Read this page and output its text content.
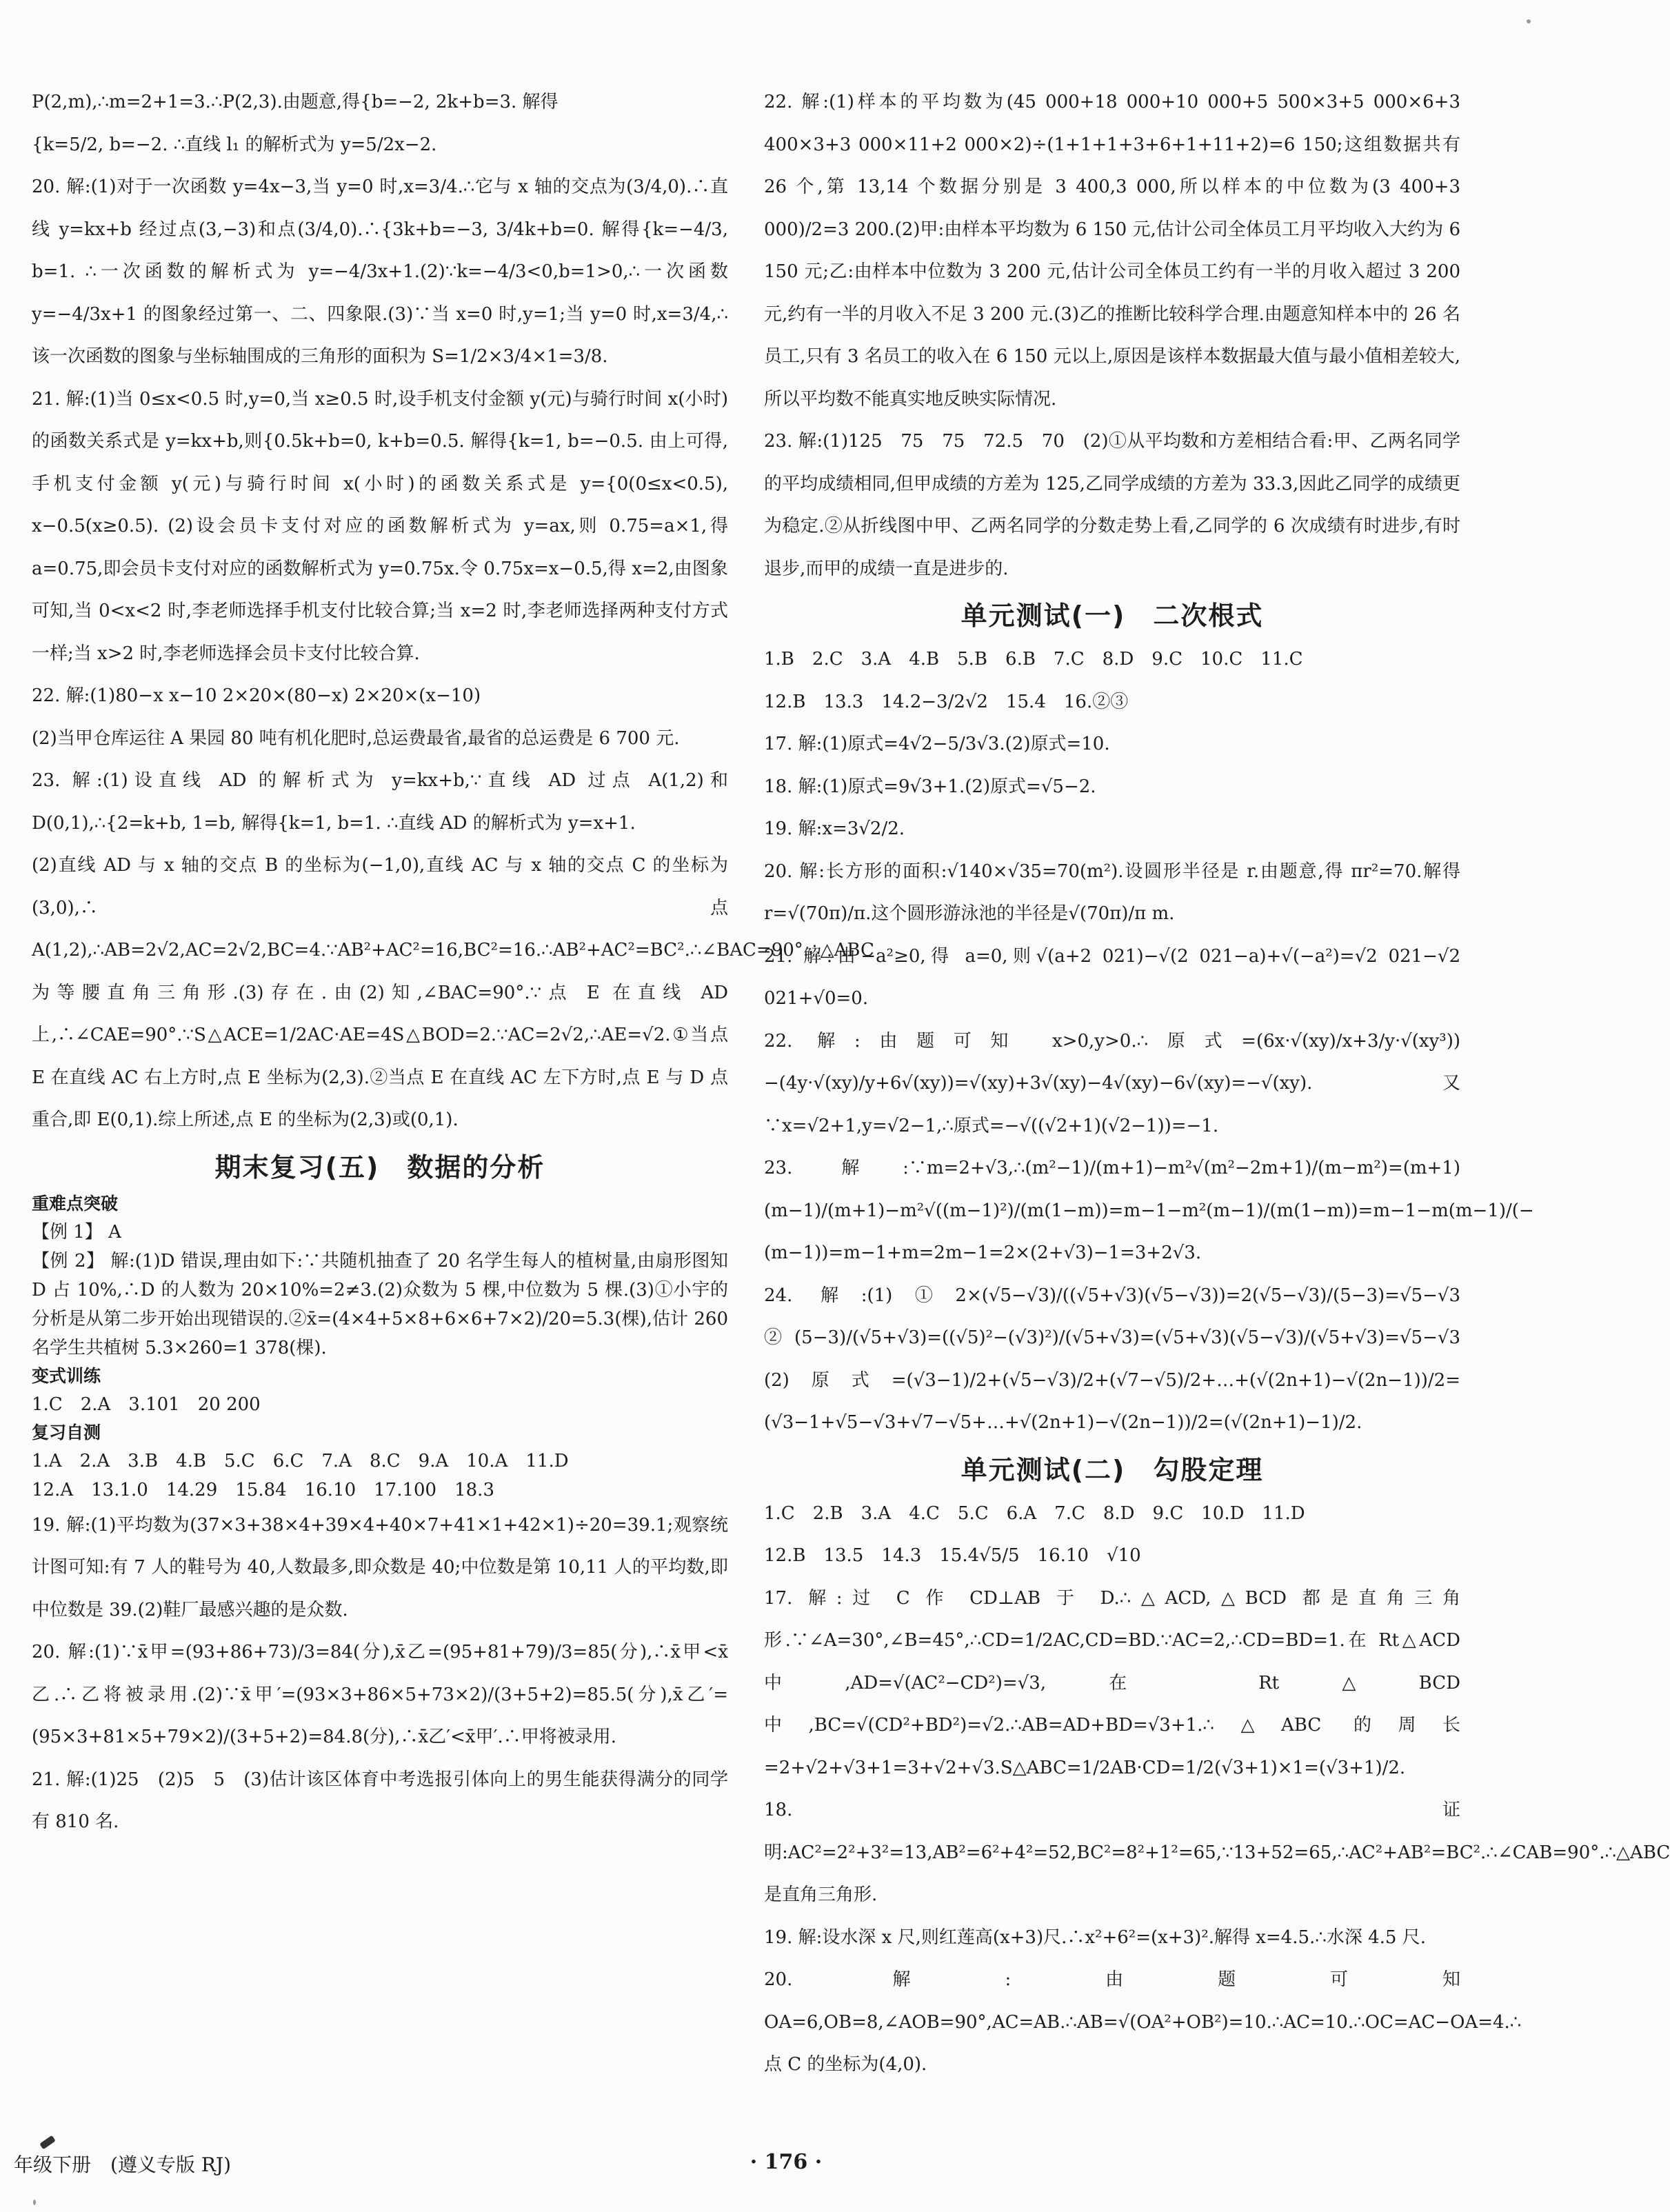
P(2,m),∴m=2+1=3.∴P(2,3).由题意,得{b=−2, 2k+b=3. 解得

{k=5/2, b=−2. ∴直线 l₁ 的解析式为 y=5/2x−2.

20. 解:(1)对于一次函数 y=4x−3,当 y=0 时,x=3/4.∴它与 x 轴的交点为(3/4,0).∴直线 y=kx+b 经过点(3,−3)和点(3/4,0).∴{3k+b=−3, 3/4k+b=0. 解得{k=−4/3, b=1. ∴一次函数的解析式为 y=−4/3x+1.(2)∵k=−4/3<0,b=1>0,∴一次函数 y=−4/3x+1 的图象经过第一、二、四象限.(3)∵当 x=0 时,y=1;当 y=0 时,x=3/4,∴该一次函数的图象与坐标轴围成的三角形的面积为 S=1/2×3/4×1=3/8.

21. 解:(1)当 0≤x<0.5 时,y=0,当 x≥0.5 时,设手机支付金额 y(元)与骑行时间 x(小时)的函数关系式是 y=kx+b,则{0.5k+b=0, k+b=0.5. 解得{k=1, b=−0.5. 由上可得,手机支付金额 y(元)与骑行时间 x(小时)的函数关系式是 y={0(0≤x<0.5), x−0.5(x≥0.5). (2)设会员卡支付对应的函数解析式为 y=ax,则 0.75=a×1,得 a=0.75,即会员卡支付对应的函数解析式为 y=0.75x.令 0.75x=x−0.5,得 x=2,由图象可知,当 0<x<2 时,李老师选择手机支付比较合算;当 x=2 时,李老师选择两种支付方式一样;当 x>2 时,李老师选择会员卡支付比较合算.

22. 解:(1)80−x x−10 2×20×(80−x) 2×20×(x−10)

(2)当甲仓库运往 A 果园 80 吨有机化肥时,总运费最省,最省的总运费是 6 700 元.

23. 解:(1)设直线 AD 的解析式为 y=kx+b,∵直线 AD 过点 A(1,2)和 D(0,1),∴{2=k+b, 1=b, 解得{k=1, b=1. ∴直线 AD 的解析式为 y=x+1.

(2)直线 AD 与 x 轴的交点 B 的坐标为(−1,0),直线 AC 与 x 轴的交点 C 的坐标为(3,0),∴点 A(1,2),∴AB=2√2,AC=2√2,BC=4.∵AB²+AC²=16,BC²=16.∴AB²+AC²=BC².∴∠BAC=90°.∴△ABC为等腰直角三角形.(3)存在.由(2)知,∠BAC=90°.∵点 E 在直线 AD 上,∴∠CAE=90°.∵S△ACE=1/2AC·AE=4S△BOD=2.∵AC=2√2,∴AE=√2.①当点 E 在直线 AC 右上方时,点 E 坐标为(2,3).②当点 E 在直线 AC 左下方时,点 E 与 D 点重合,即 E(0,1).综上所述,点 E 的坐标为(2,3)或(0,1).

期末复习(五)　数据的分析
重难点突破

【例 1】 A

【例 2】 解:(1)D 错误,理由如下:∵共随机抽查了 20 名学生每人的植树量,由扇形图知 D 占 10%,∴D 的人数为 20×10%=2≠3.(2)众数为 5 棵,中位数为 5 棵.(3)①小宇的分析是从第二步开始出现错误的.②x̄=(4×4+5×8+6×6+7×2)/20=5.3(棵),估计 260 名学生共植树 5.3×260=1 378(棵).

变式训练

1.C　2.A　3.101　20 200

复习自测

1.A　2.A　3.B　4.B　5.C　6.C　7.A　8.C　9.A　10.A　11.D

12.A　13.1.0　14.29　15.84　16.10　17.100　18.3

19. 解:(1)平均数为(37×3+38×4+39×4+40×7+41×1+42×1)÷20=39.1;观察统计图可知:有 7 人的鞋号为 40,人数最多,即众数是 40;中位数是第 10,11 人的平均数,即中位数是 39.(2)鞋厂最感兴趣的是众数.

20. 解:(1)∵x̄甲=(93+86+73)/3=84(分),x̄乙=(95+81+79)/3=85(分),∴x̄甲<x̄乙.∴乙将被录用.(2)∵x̄甲′=(93×3+86×5+73×2)/(3+5+2)=85.5(分),x̄乙′=(95×3+81×5+79×2)/(3+5+2)=84.8(分),∴x̄乙′<x̄甲′.∴甲将被录用.

21. 解:(1)25　(2)5　5　(3)估计该区体育中考选报引体向上的男生能获得满分的同学有 810 名.

22. 解:(1)样本的平均数为(45 000+18 000+10 000+5 500×3+5 000×6+3 400×3+3 000×11+2 000×2)÷(1+1+1+3+6+1+11+2)=6 150;这组数据共有 26 个,第 13,14 个数据分别是 3 400,3 000,所以样本的中位数为(3 400+3 000)/2=3 200.(2)甲:由样本平均数为 6 150 元,估计公司全体员工月平均收入大约为 6 150 元;乙:由样本中位数为 3 200 元,估计公司全体员工约有一半的月收入超过 3 200 元,约有一半的月收入不足 3 200 元.(3)乙的推断比较科学合理.由题意知样本中的 26 名员工,只有 3 名员工的收入在 6 150 元以上,原因是该样本数据最大值与最小值相差较大,所以平均数不能真实地反映实际情况.

23. 解:(1)125　75　75　72.5　70　(2)①从平均数和方差相结合看:甲、乙两名同学的平均成绩相同,但甲成绩的方差为 125,乙同学成绩的方差为 33.3,因此乙同学的成绩更为稳定.②从折线图中甲、乙两名同学的分数走势上看,乙同学的 6 次成绩有时进步,有时退步,而甲的成绩一直是进步的.

单元测试(一)　二次根式

1.B　2.C　3.A　4.B　5.B　6.B　7.C　8.D　9.C　10.C　11.C

12.B　13.3　14.2−3/2√2　15.4　16.②③

17. 解:(1)原式=4√2−5/3√3.(2)原式=10.

18. 解:(1)原式=9√3+1.(2)原式=√5−2.

19. 解:x=3√2/2.

20. 解:长方形的面积:√140×√35=70(m²).设圆形半径是 r.由题意,得 πr²=70.解得 r=√(70π)/π.这个圆形游泳池的半径是√(70π)/π m.

21. 解:由−a²≥0,得 a=0,则√(a+2 021)−√(2 021−a)+√(−a²)=√2 021−√2 021+√0=0.

22. 解:由题可知 x>0,y>0.∴原式=(6x·√(xy)/x+3/y·√(xy³))−(4y·√(xy)/y+6√(xy))=√(xy)+3√(xy)−4√(xy)−6√(xy)=−√(xy).又∵x=√2+1,y=√2−1,∴原式=−√((√2+1)(√2−1))=−1.

23. 解:∵m=2+√3,∴(m²−1)/(m+1)−m²√(m²−2m+1)/(m−m²)=(m+1)(m−1)/(m+1)−m²√((m−1)²)/(m(1−m))=m−1−m²(m−1)/(m(1−m))=m−1−m(m−1)/(−(m−1))=m−1+m=2m−1=2×(2+√3)−1=3+2√3.

24. 解:(1)①2×(√5−√3)/((√5+√3)(√5−√3))=2(√5−√3)/(5−3)=√5−√3　②(5−3)/(√5+√3)=((√5)²−(√3)²)/(√5+√3)=(√5+√3)(√5−√3)/(√5+√3)=√5−√3　(2)原式=(√3−1)/2+(√5−√3)/2+(√7−√5)/2+…+(√(2n+1)−√(2n−1))/2=(√3−1+√5−√3+√7−√5+…+√(2n+1)−√(2n−1))/2=(√(2n+1)−1)/2.

单元测试(二)　勾股定理

1.C　2.B　3.A　4.C　5.C　6.A　7.C　8.D　9.C　10.D　11.D

12.B　13.5　14.3　15.4√5/5　16.10　√10

17. 解:过 C 作 CD⊥AB 于 D.∴△ACD,△BCD 都是直角三角形.∵∠A=30°,∠B=45°,∴CD=1/2AC,CD=BD.∵AC=2,∴CD=BD=1.在 Rt△ACD 中,AD=√(AC²−CD²)=√3,在 Rt△BCD 中,BC=√(CD²+BD²)=√2.∴AB=AD+BD=√3+1.∴△ABC 的周长=2+√2+√3+1=3+√2+√3.S△ABC=1/2AB·CD=1/2(√3+1)×1=(√3+1)/2.

18. 证明:AC²=2²+3²=13,AB²=6²+4²=52,BC²=8²+1²=65,∵13+52=65,∴AC²+AB²=BC².∴∠CAB=90°.∴△ABC 是直角三角形.

19. 解:设水深 x 尺,则红莲高(x+3)尺.∴x²+6²=(x+3)².解得 x=4.5.∴水深 4.5 尺.

20. 解:由题可知 OA=6,OB=8,∠AOB=90°,AC=AB.∴AB=√(OA²+OB²)=10.∴AC=10.∴OC=AC−OA=4.∴点 C 的坐标为(4,0).

年级下册　(遵义专版 RJ)	· 176 ·
